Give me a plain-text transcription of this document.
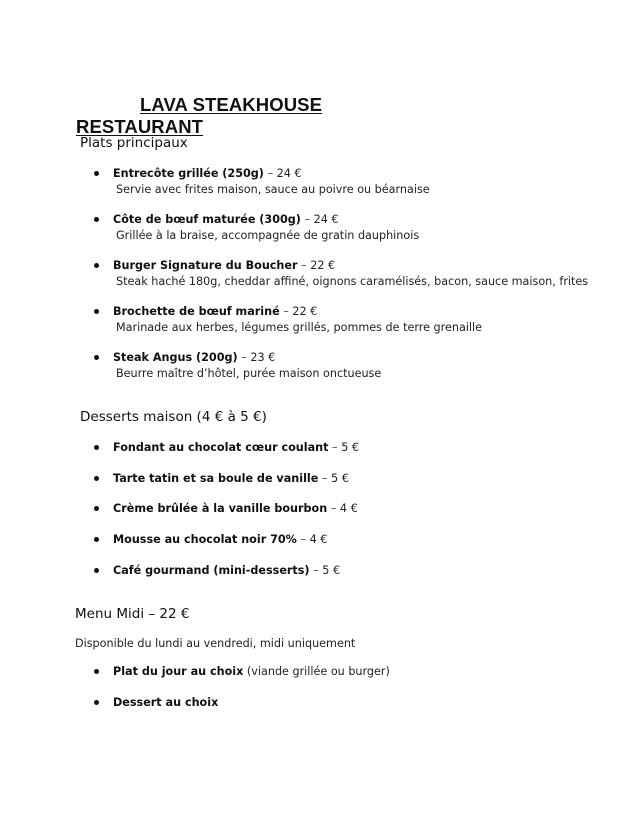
LAVA STEAKHOUSE RESTAURANT
Plats principaux
Entrecôte grillée (250g) – 24 €
Servie avec frites maison, sauce au poivre ou béarnaise
Côte de bœuf maturée (300g) – 24 €
Grillée à la braise, accompagnée de gratin dauphinois
Burger Signature du Boucher – 22 €
Steak haché 180g, cheddar affiné, oignons caramélisés, bacon, sauce maison, frites
Brochette de bœuf mariné – 22 €
Marinade aux herbes, légumes grillés, pommes de terre grenaille
Steak Angus (200g) – 23 €
Beurre maître d’hôtel, purée maison onctueuse
Desserts maison (4 € à 5 €)
Fondant au chocolat cœur coulant – 5 €
Tarte tatin et sa boule de vanille – 5 €
Crème brûlée à la vanille bourbon – 4 €
Mousse au chocolat noir 70% – 4 €
Café gourmand (mini-desserts) – 5 €
Menu Midi – 22 €
Disponible du lundi au vendredi, midi uniquement
Plat du jour au choix (viande grillée ou burger)
Dessert au choix
